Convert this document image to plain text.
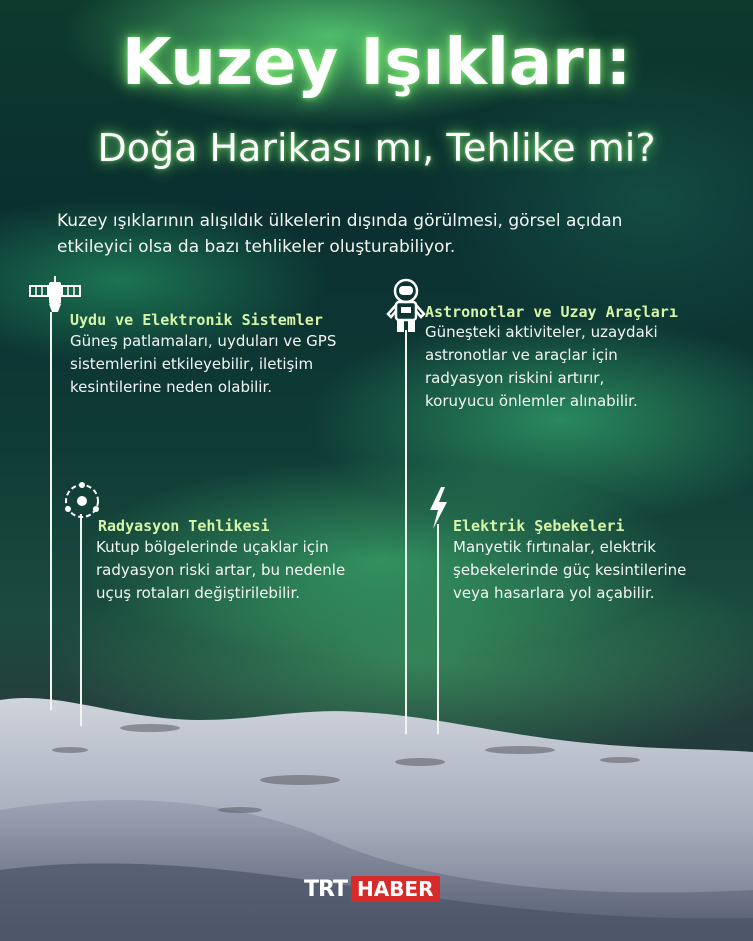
Kuzey Işıkları:
Doğa Harikası mı, Tehlike mi?
Kuzey ışıklarının alışıldık ülkelerin dışında görülmesi, görsel açıdan etkileyici olsa da bazı tehlikeler oluşturabiliyor.
Uydu ve Elektronik Sistemler
Güneş patlamaları, uyduları ve GPS
sistemlerini etkileyebilir, iletişim
kesintilerine neden olabilir.
Astronotlar ve Uzay Araçları
Güneşteki aktiviteler, uzaydaki
astronotlar ve araçlar için
radyasyon riskini artırır,
koruyucu önlemler alınabilir.
Radyasyon Tehlikesi
Kutup bölgelerinde uçaklar için
radyasyon riski artar, bu nedenle
uçuş rotaları değiştirilebilir.
Elektrik Şebekeleri
Manyetik fırtınalar, elektrik
şebekelerinde güç kesintilerine
veya hasarlara yol açabilir.
TRT HABER
